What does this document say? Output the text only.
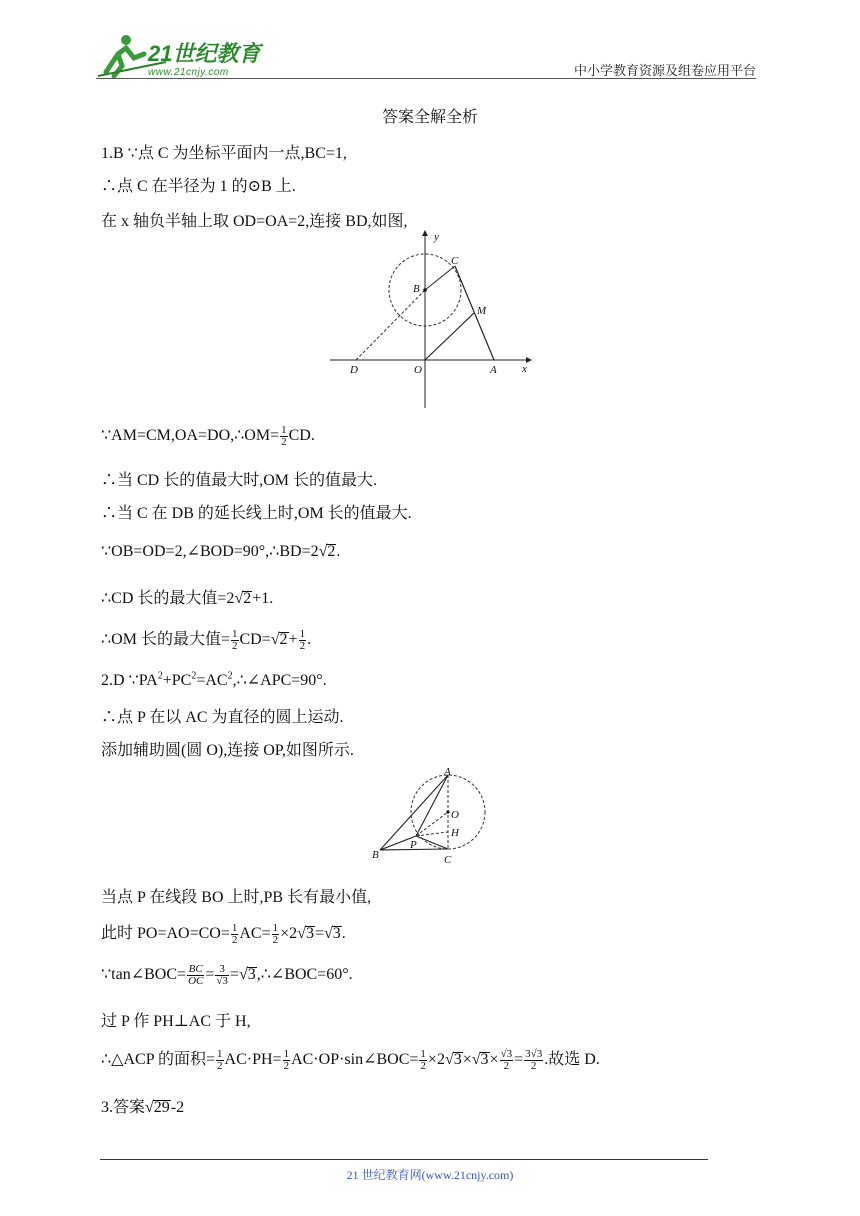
21世纪教育
www.21cnjy.com	中小学教育资源及组卷应用平台
答案全解全析
1.B ∵点 C 为坐标平面内一点,BC=1,
∴点 C 在半径为 1 的⊙B 上.
在 x 轴负半轴上取 OD=OA=2,连接 BD,如图,
y
x
B
C
M
D	O	A
∵AM=CM,OA=DO,∴OM= $\frac{1}{2}$ CD.
∴当 CD 长的值最大时,OM 长的值最大.
∴当 C 在 DB 的延长线上时,OM 长的值最大.
∵OB=OD=2,∠BOD=90°,∴BD=2√2.
∴CD 长的最大值=2√2+1.
∴OM 长的最大值= $\frac{1}{2} CD=√2+ \frac{1}{2}$ .
2.D $\because PA^2+PC^2=AC^2,\therefore\angle APC=90^\circ$.
∴点 P 在以 AC 为直径的圆上运动.
添加辅助圆(圆 O),连接 OP,如图所示.
A
O
H
P
B	C
当点 P 在线段 BO 上时,PB 长有最小值,
此时 $PO=AO=CO= \frac{1}{2} AC= \frac{1}{2} \times 2√3=√3$.
∵tan∠BOC= $\frac{BC}{OC} = \frac{3}{√3}$ =√3,∴∠BOC=60°.
过 P 作 PH⊥AC 于 H,
∴△ACP 的面积= $\frac{1}{2} AC\cdot PH= \frac{1}{2}$ AC·OP·sin∠BOC= $\frac{1}{2} \times 2√3\times√3\times \frac{√3}{2} = \frac{3√3}{2}$ .故选 D.
3.答案√29-2
21 世纪教育网(www.21cnjy.com)
